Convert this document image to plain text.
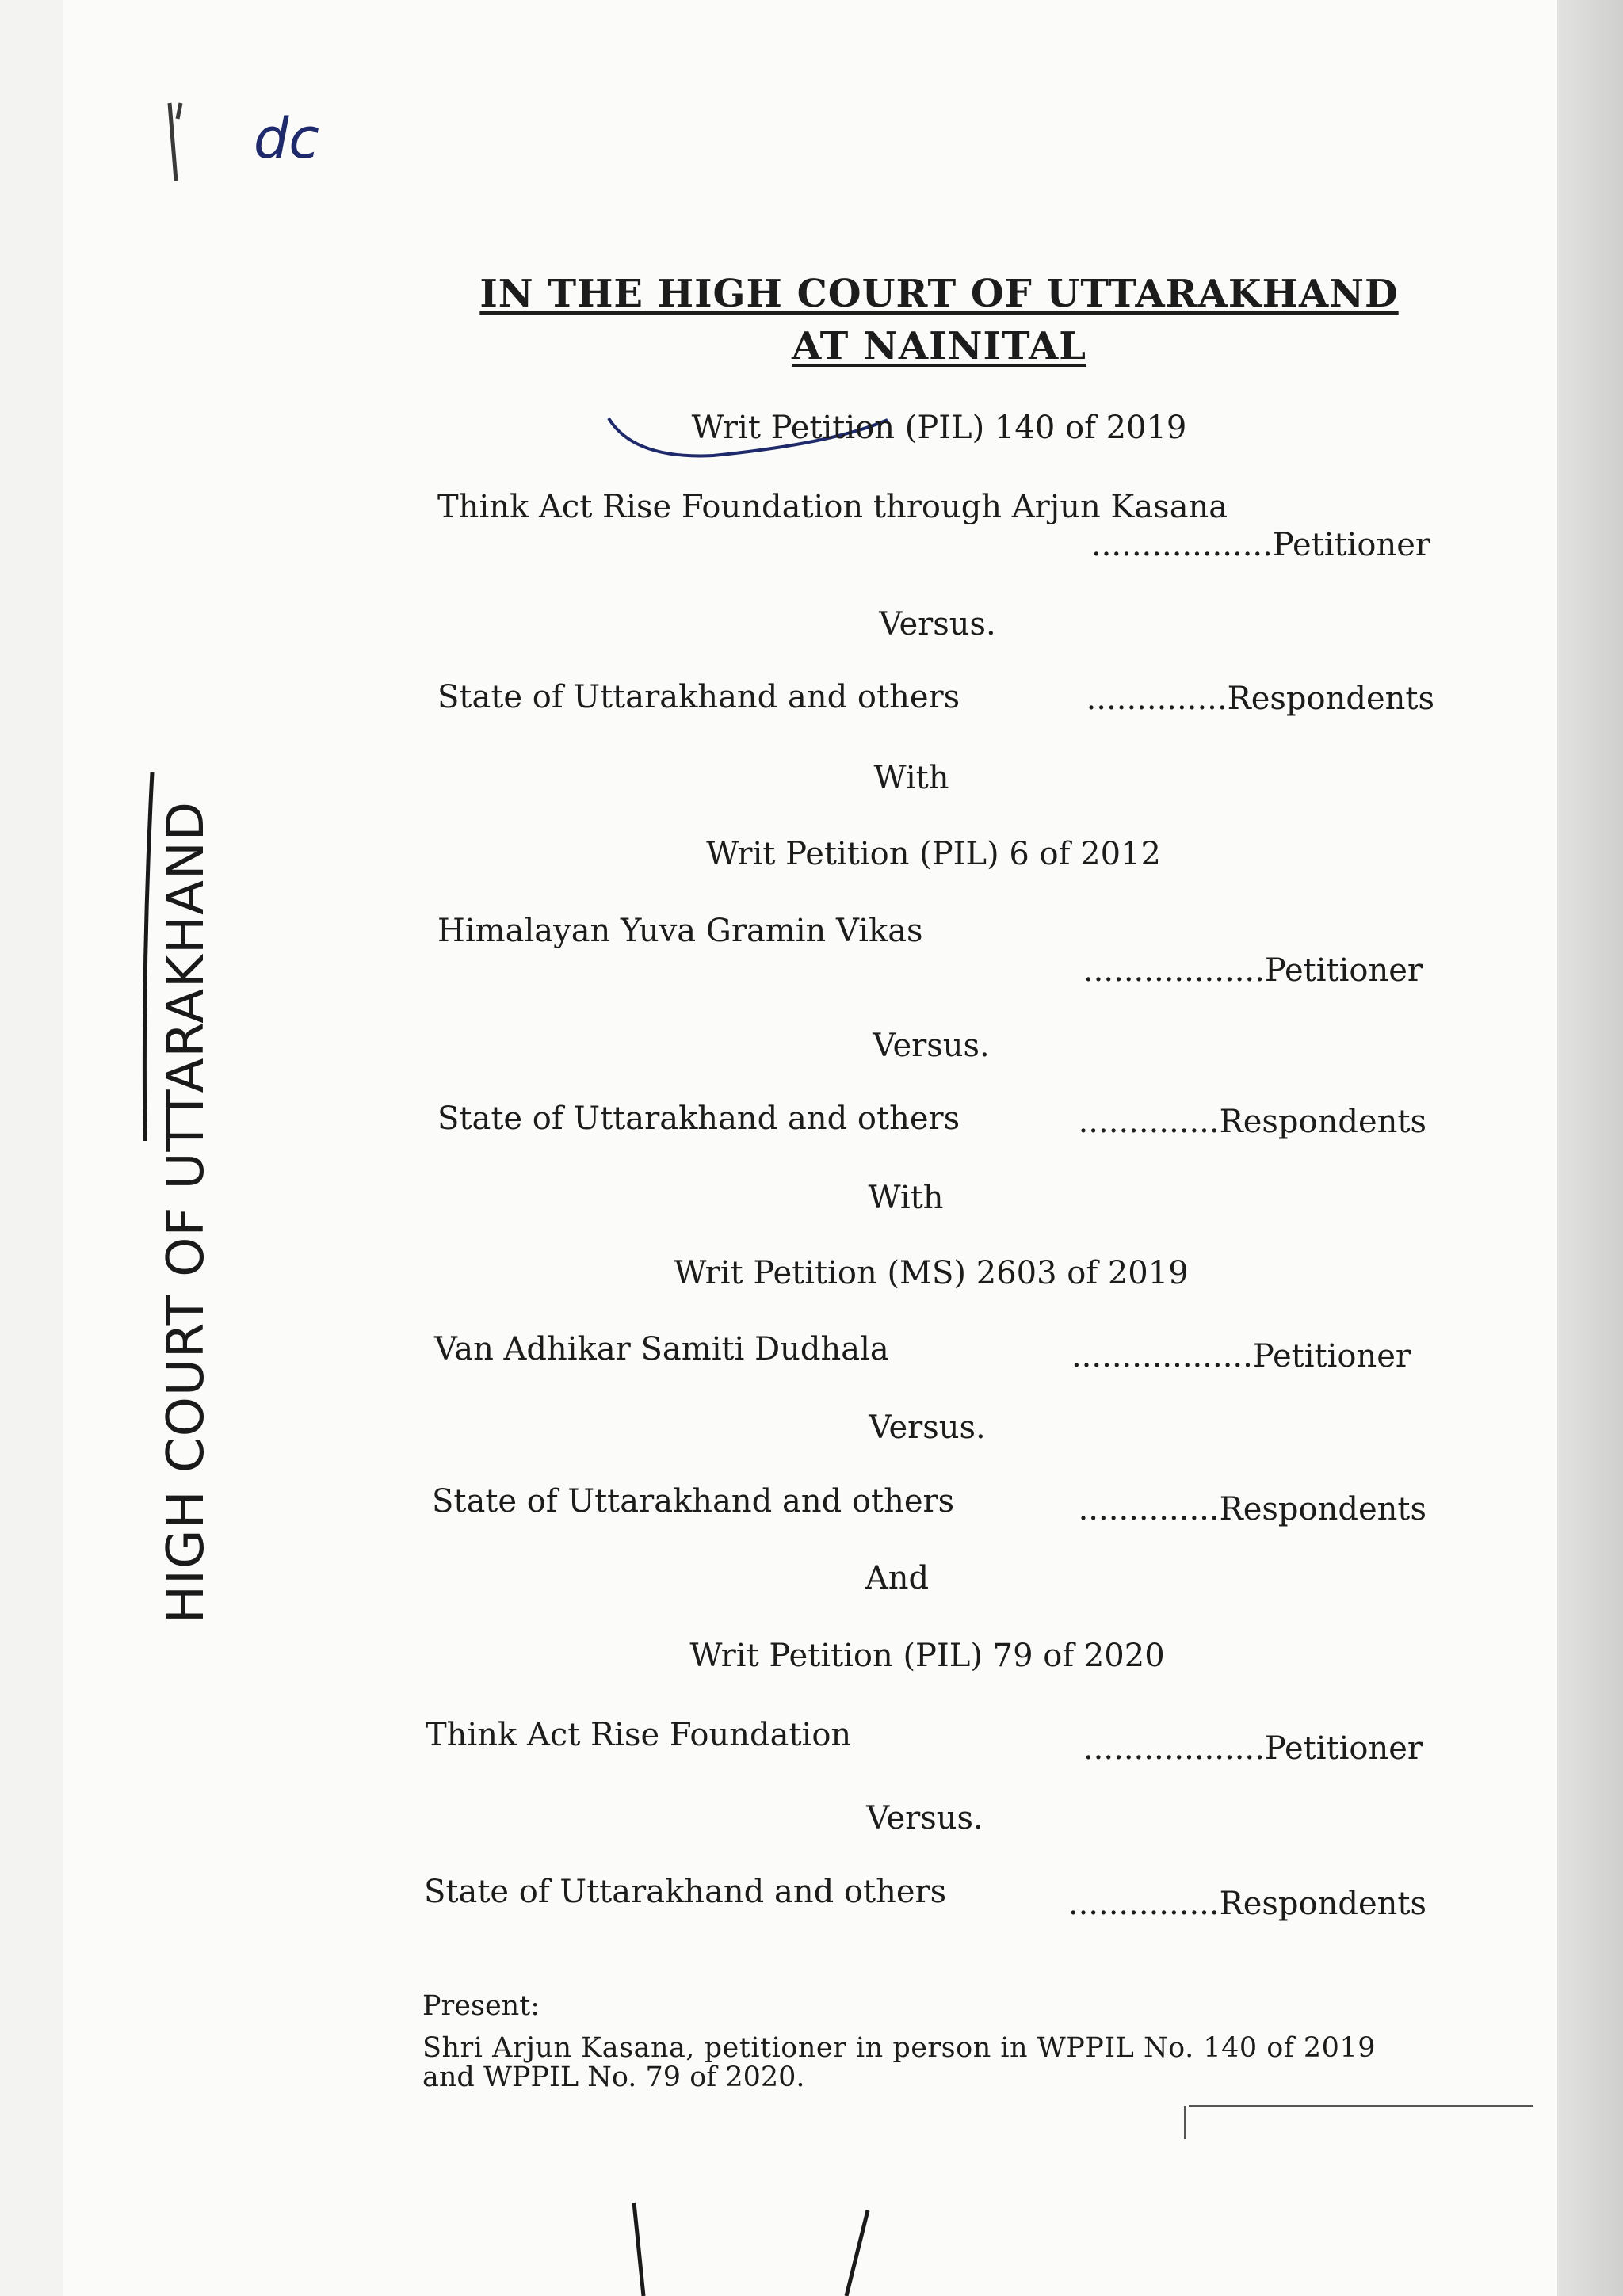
dc
HIGH COURT OF UTTARAKHAND
IN THE HIGH COURT OF UTTARAKHAND
AT NAINITAL
Writ Petition (PIL) 140 of 2019
Think Act Rise Foundation through Arjun Kasana
..................Petitioner
Versus.
State of Uttarakhand and others	..............Respondents
With
Writ Petition (PIL) 6 of 2012
Himalayan Yuva Gramin Vikas
..................Petitioner
Versus.
State of Uttarakhand and others	..............Respondents
With
Writ Petition (MS) 2603 of 2019
Van Adhikar Samiti Dudhala	..................Petitioner
Versus.
State of Uttarakhand and others	..............Respondents
And
Writ Petition (PIL) 79 of 2020
Think Act Rise Foundation	..................Petitioner
Versus.
State of Uttarakhand and others	...............Respondents
Present:
Shri Arjun Kasana, petitioner in person in WPPIL No. 140 of 2019
and WPPIL No. 79 of 2020.
